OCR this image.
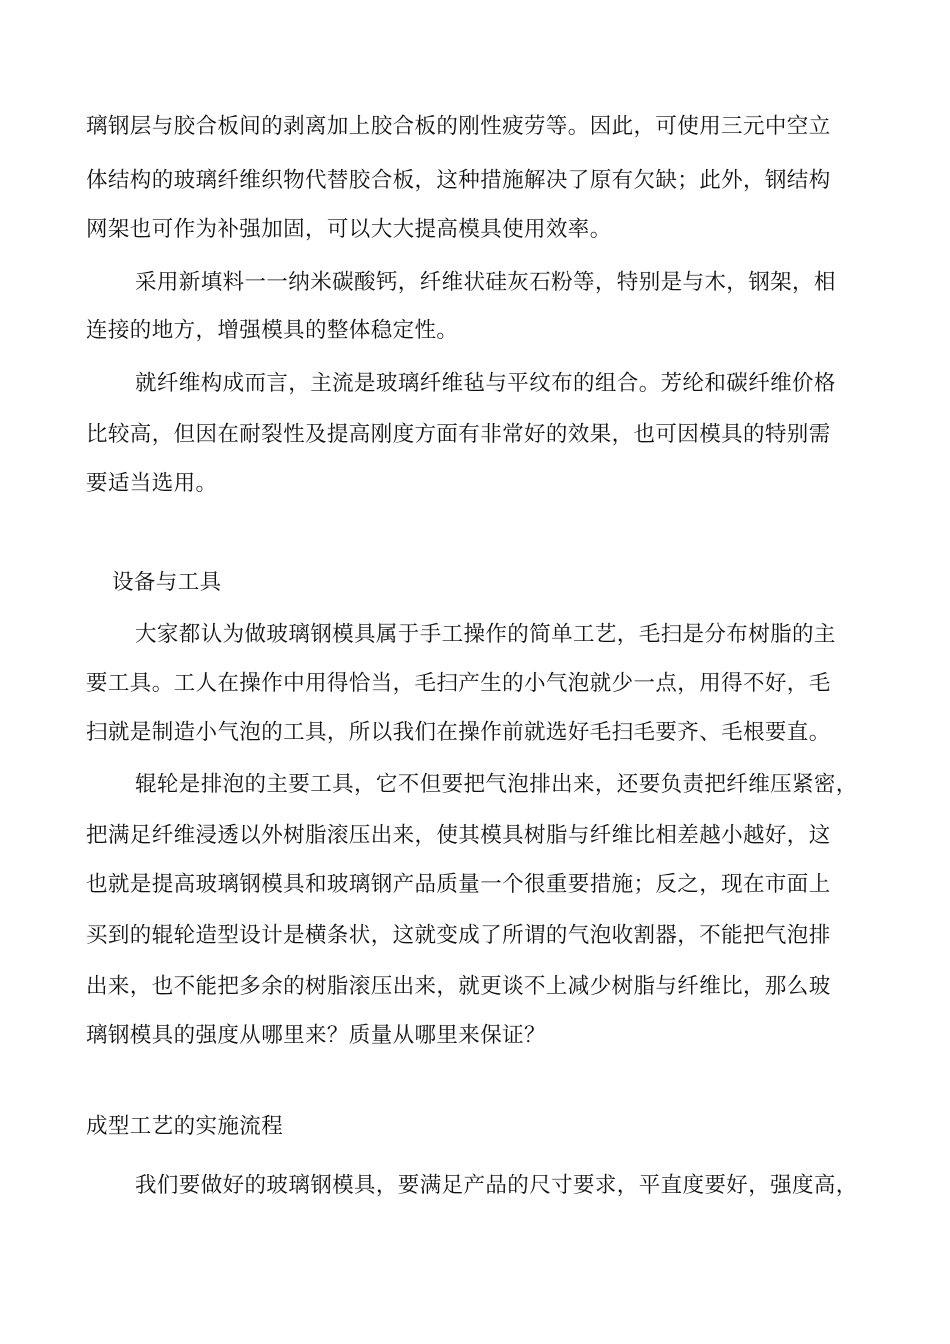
璃钢层与胶合板间的剥离加上胶合板的刚性疲劳等。因此，可使用三元中空立
体结构的玻璃纤维织物代替胶合板，这种措施解决了原有欠缺；此外，钢结构
网架也可作为补强加固，可以大大提高模具使用效率。
采用新填料一一纳米碳酸钙，纤维状硅灰石粉等，特别是与木，钢架，相
连接的地方，增强模具的整体稳定性。
就纤维构成而言，主流是玻璃纤维毡与平纹布的组合。芳纶和碳纤维价格
比较高，但因在耐裂性及提高刚度方面有非常好的效果，也可因模具的特别需
要适当选用。
设备与工具
大家都认为做玻璃钢模具属于手工操作的简单工艺，毛扫是分布树脂的主
要工具。工人在操作中用得恰当，毛扫产生的小气泡就少一点，用得不好，毛
扫就是制造小气泡的工具，所以我们在操作前就选好毛扫毛要齐、毛根要直。
辊轮是排泡的主要工具，它不但要把气泡排出来，还要负责把纤维压紧密，
把满足纤维浸透以外树脂滚压出来，使其模具树脂与纤维比相差越小越好，这
也就是提高玻璃钢模具和玻璃钢产品质量一个很重要措施；反之，现在市面上
买到的辊轮造型设计是横条状，这就变成了所谓的气泡收割器，不能把气泡排
出来，也不能把多余的树脂滚压出来，就更谈不上减少树脂与纤维比，那么玻
璃钢模具的强度从哪里来？质量从哪里来保证？
成型工艺的实施流程
我们要做好的玻璃钢模具，要满足产品的尺寸要求，平直度要好，强度高，
